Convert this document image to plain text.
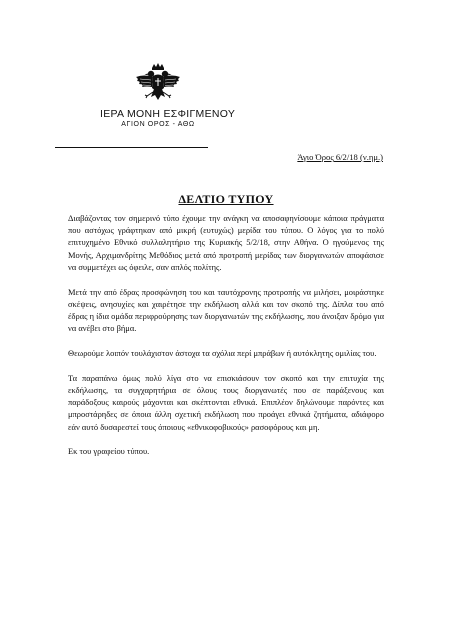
ΙΕΡΑ ΜΟΝΗ ΕΣΦΙΓΜΕΝΟΥ
ΑΓΙΟΝ ΟΡΟΣ - ΑΘΩ
Άγιο Όρος 6/2/18 (ν.ημ.)
ΔΕΛΤΙΟ ΤΥΠΟΥ

Διαβάζοντας τον σημερινό τύπο έχουμε την ανάγκη να αποσαφηνίσουμε κάποια πράγματα που αστόχως γράφτηκαν από μικρή (ευτυχώς) μερίδα του τύπου. Ο λόγος για το πολύ επιτυχημένο Εθνικό συλλαλητήριο της Κυριακής 5/2/18, στην Αθήνα. Ο ηγούμενος της Μονής, Αρχιμανδρίτης Μεθόδιος μετά από προτροπή μερίδας των διοργανωτών αποφάσισε να συμμετέχει ως όφειλε, σαν απλός πολίτης.

Μετά την από έδρας προσφώνηση του και ταυτόχρονης προτροπής να μιλήσει, μοιράστηκε σκέψεις, ανησυχίες και χαιρέτησε την εκδήλωση αλλά και τον σκοπό της. Δίπλα του από έδρας η ίδια ομάδα περιφρούρησης των διοργανωτών της εκδήλωσης, που άνοιξαν δρόμο για να ανέβει στο βήμα.

Θεωρούμε λοιπόν τουλάχιστον άστοχα τα σχόλια περί μπράβων ή αυτόκλητης ομιλίας του.

Τα παραπάνω όμως πολύ λίγα στο να επισκιάσουν τον σκοπό και την επιτυχία της εκδήλωσης, τα συγχαρητήρια σε όλους τους διοργανωτές που σε παράξενους και παράδοξους καιρούς μάχονται και σκέπτονται εθνικά. Επιπλέον δηλώνουμε παρόντες και μπροστάρηδες σε όποια άλλη σχετική εκδήλωση που προάγει εθνικά ζητήματα, αδιάφορο εάν αυτό δυσαρεστεί τους όποιους «εθνικοφοβικούς» ρασοφόρους και μη.

Εκ του γραφείου τύπου.
